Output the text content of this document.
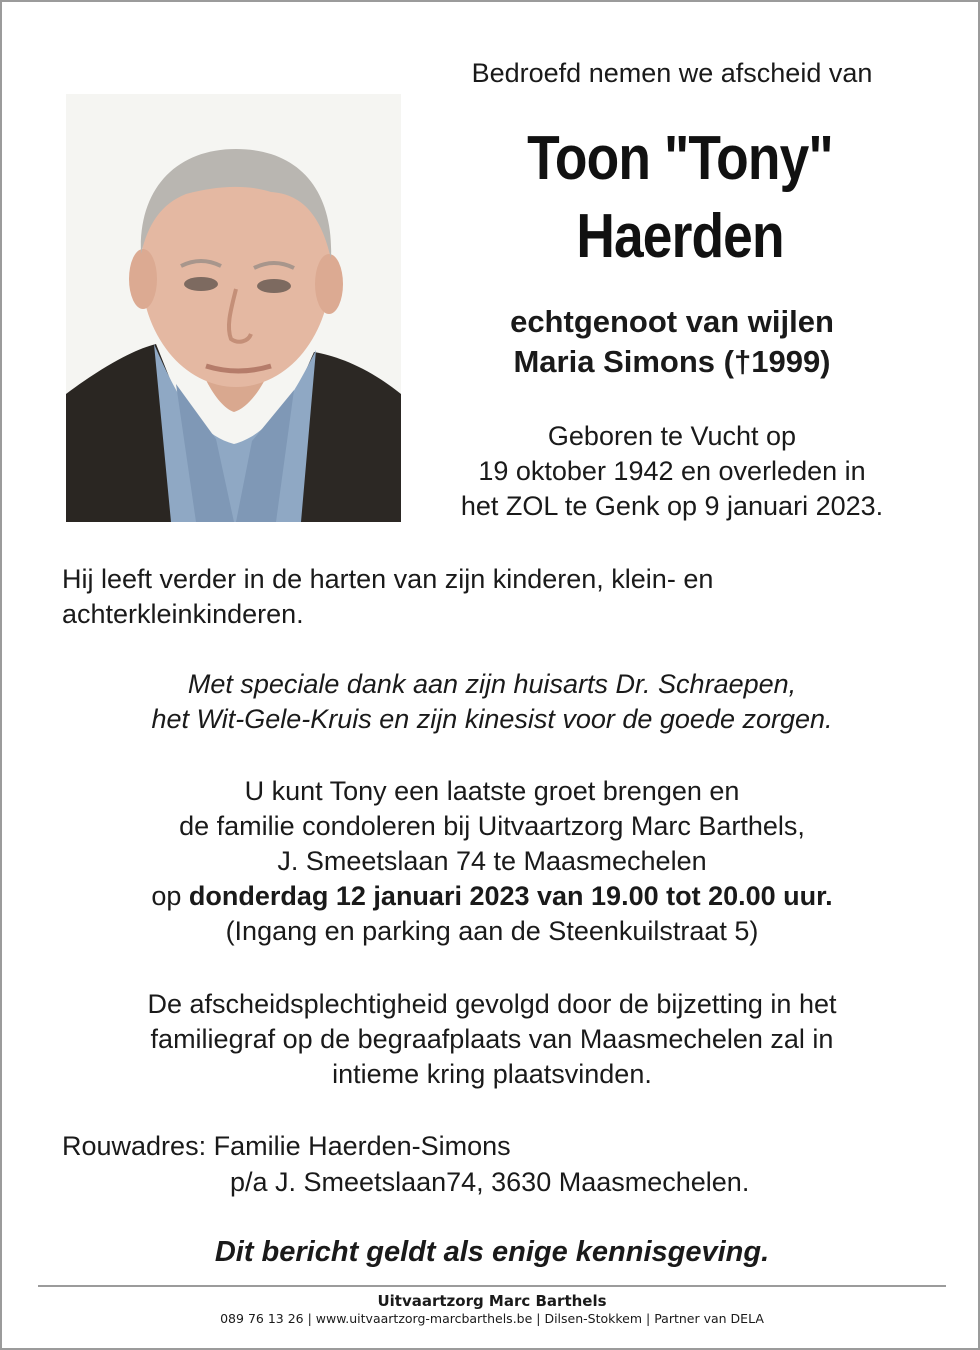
Bedroefd nemen we afscheid van
Toon "Tony"
Haerden
echtgenoot van wijlen
Maria Simons (†1999)
Geboren te Vucht op
19 oktober 1942 en overleden in
het ZOL te Genk op 9 januari 2023.
Hij leeft verder in de harten van zijn kinderen, klein- en
achterkleinkinderen.
Met speciale dank aan zijn huisarts Dr. Schraepen,
het Wit-Gele-Kruis en zijn kinesist voor de goede zorgen.
U kunt Tony een laatste groet brengen en
de familie condoleren bij Uitvaartzorg Marc Barthels,
J. Smeetslaan 74 te Maasmechelen
op donderdag 12 januari 2023 van 19.00 tot 20.00 uur.
(Ingang en parking aan de Steenkuilstraat 5)
De afscheidsplechtigheid gevolgd door de bijzetting in het
familiegraf op de begraafplaats van Maasmechelen zal in
intieme kring plaatsvinden.
Rouwadres: Familie Haerden-Simons
p/a J. Smeetslaan74, 3630 Maasmechelen.
Dit bericht geldt als enige kennisgeving.
Uitvaartzorg Marc Barthels
089 76 13 26 | www.uitvaartzorg-marcbarthels.be | Dilsen-Stokkem | Partner van DELA
